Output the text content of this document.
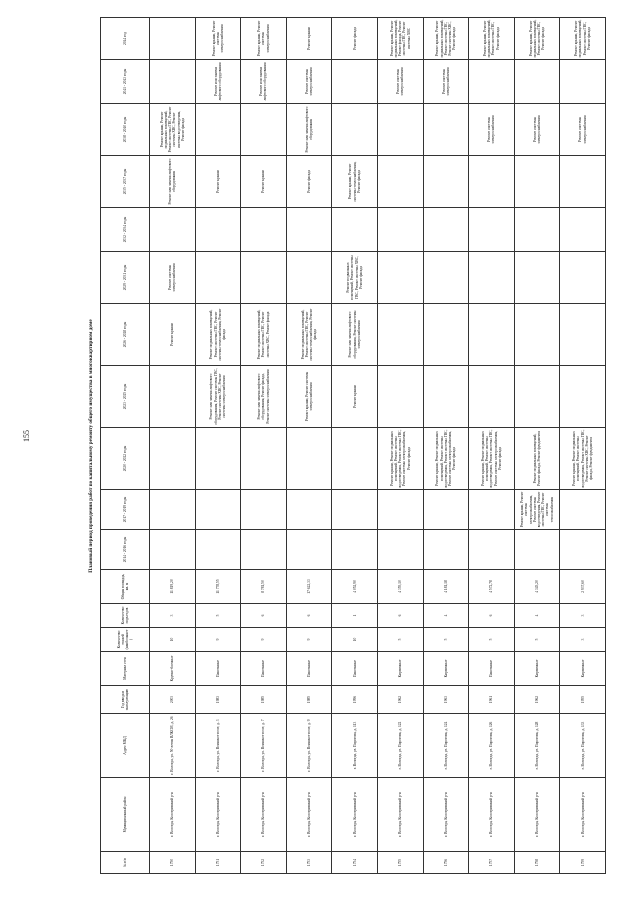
155	Плановый период проведения работ по капитальному ремонту общего имущества в многоквартирном доме
№ п/п	Муниципальный район	Адрес МКД	Год ввода в эксплуатацию	Материал стен	Количество этажей (наибольшее)	Количество подъездов	Общая площадь, кв. м	2014 - 2016 годы	2017 - 2019 годы	2020 - 2022 годы	2023 - 2025 годы	2026 - 2028 годы	2029 - 2031 годы	2032 - 2034 годы	2035 - 2037 годы	2038 - 2040 годы	2041 - 2043 годы	2044 год
1750	г. Вологда, Кологривский р-н	г. Вологда, ул. 50-летия ВЛКСМ, д. 26	2003	Крупно-блочные	10	3	11 819,20					Ремонт крыши	Ремонт системы электроснабжения		Ремонт или замена лифтового оборудования	Ремонт крыши, Ремонт подвальных помещений, Ремонт системы ГВС, Ремонт системы ХВС, Ремонт системы водоотведения, Ремонт фасада		
1751	г. Вологда, Кологривский р-н	г. Вологда, ул. Воинское поле, д. 3	1983	Панельные	9	5	11 778,55				Ремонт или замена лифтового оборудования, Ремонт системы ГВС, Ремонт системы ХВС, Ремонт системы электроснабжения	Ремонт подвальных помещений, Ремонт системы ГВС, Ремонт системы теплоснабжения, Ремонт фасада			Ремонт крыши		Ремонт или замена лифтового оборудования	Ремонт крыши, Ремонт системы электроснабжения
1752	г. Вологда, Кологривский р-н	г. Вологда, ул. Воинское поле, д. 7	1985	Панельные	9	6	8 781,50				Ремонт или замена лифтового оборудования, Ремонт фасада, Ремонт системы электроснабжения	Ремонт подвальных помещений, Ремонт системы ГВС, Ремонт системы ХВС, Ремонт фасада			Ремонт крыши		Ремонт или замена лифтового оборудования	Ремонт крыши, Ремонт системы электроснабжения
1753	г. Вологда, Кологривский р-н	г. Вологда, ул. Воинское поле, д. 9	1985	Панельные	9	6	17 622,33				Ремонт крыши, Ремонт системы электроснабжения	Ремонт подвальных помещений, Ремонт системы ГВС, Ремонт системы теплоснабжения, Ремонт фасада			Ремонт фасада	Ремонт или замена лифтового оборудования	Ремонт системы электроснабжения	Ремонт крыши
1754	г. Вологда, Кологривский р-н	г. Вологда, ул. Пирогова, д. 113	1996	Панельные	10	1	4 052,90				Ремонт крыши	Ремонт или замена лифтового оборудования, Ремонт системы электроснабжения	Ремонт подвальных помещений, Ремонт системы ГВС, Ремонт системы ХВС, Ремонт фасада		Ремонт крыши, Ремонт системы теплоснабжения, Ремонт фасада			Ремонт фасада
1755	г. Вологда, Кологривский р-н	г. Вологда, ул. Пирогова, д. 122	1962	Кирпичные	5	6	4 355,10			Ремонт крыши, Ремонт подвальных помещений, Ремонт системы водоотведения, Ремонт системы ГВС, Ремонт системы электроснабжения, Ремонт фасада							Ремонт системы электроснабжения	Ремонт крыши, Ремонт подвальных помещений, Ремонт фасада, Ремонт системы ГВС, Ремонт системы ХВС
1756	г. Вологда, Кологривский р-н	г. Вологда, ул. Пирогова, д. 124	1963	Кирпичные	5	4	4 181,18			Ремонт крыши, Ремонт подвальных помещений, Ремонт системы водоотведения, Ремонт системы ГВС, Ремонт системы электроснабжения, Ремонт фасада							Ремонт системы электроснабжения	Ремонт крыши, Ремонт подвальных помещений, Ремонт системы ГВС, Ремонт системы ХВС, Ремонт фасада
1757	г. Вологда, Кологривский р-н	г. Вологда, ул. Пирогова, д. 126	1961	Панельные	5	6	4 572,78			Ремонт крыши, Ремонт подвальных помещений, Ремонт системы водоотведения, Ремонт системы ГВС, Ремонт системы электроснабжения, Ремонт фасада						Ремонт системы электроснабжения		Ремонт крыши, Ремонт подвальных помещений, Ремонт системы ГВС, Ремонт фасада
1758	г. Вологда, Кологривский р-н	г. Вологда, ул. Пирогова, д. 128	1962	Кирпичные	5	4	4 345,20		Ремонт крыши, Ремонт системы электроснабжения, Ремонт системы водоотведения, Ремонт системы ГВС, Ремонт системы теплоснабжения	Ремонт подвальных помещений, Ремонт фасада, Ремонт фундамента						Ремонт системы электроснабжения		Ремонт крыши, Ремонт подвальных помещений, Ремонт системы ГВС, Ремонт фасада
1759	г. Вологда, Кологривский р-н	г. Вологда, ул. Пирогова, д. 133	1955	Кирпичные	3	3	2 937,60			Ремонт крыши, Ремонт подвальных помещений, Ремонт системы водоотведения, Ремонт системы ГВС, Ремонт системы ХВС, Ремонт фасада, Ремонт фундамента						Ремонт системы электроснабжения		Ремонт крыши, Ремонт подвальных помещений, Ремонт системы ГВС, Ремонт фасада
